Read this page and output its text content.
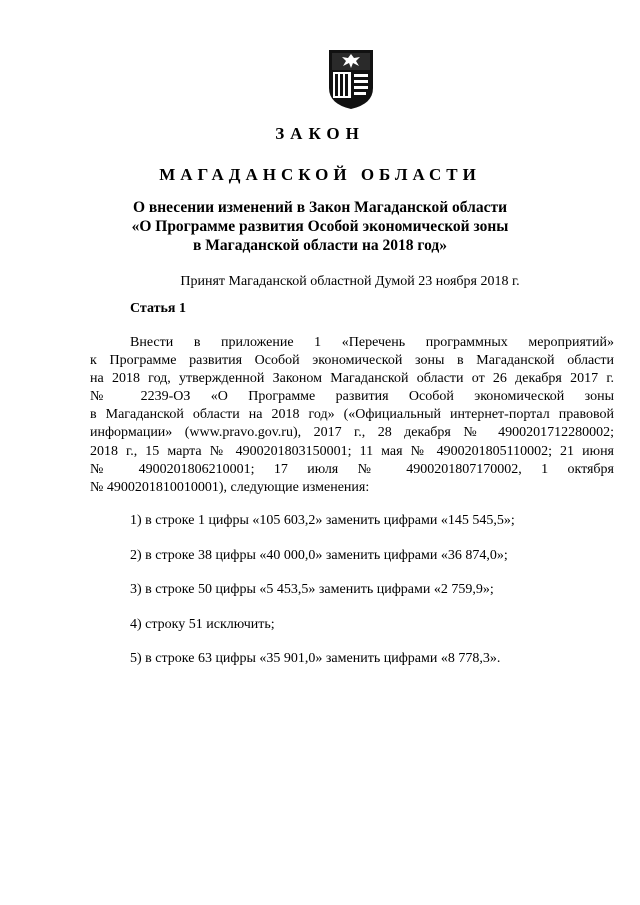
ЗАКОН
МАГАДАНСКОЙ ОБЛАСТИ
О внесении изменений в Закон Магаданской области
«О Программе развития Особой экономической зоны
в Магаданской области на 2018 год»
Принят Магаданской областной Думой 23 ноября 2018 г.
Статья 1
Внести в приложение 1 «Перечень программных мероприятий»
к Программе развития Особой экономической зоны в Магаданской области
на 2018 год, утвержденной Законом Магаданской области от 26 декабря 2017 г.
№ 2239-ОЗ «О Программе развития Особой экономической зоны
в Магаданской области на 2018 год» («Официальный интернет-портал правовой
информации» (www.pravo.gov.ru), 2017 г., 28 декабря № 4900201712280002;
2018 г., 15 марта № 4900201803150001; 11 мая № 4900201805110002; 21 июня
№ 4900201806210001; 17 июля № 4900201807170002, 1 октября
№ 4900201810010001), следующие изменения:
1) в строке 1 цифры «105 603,2» заменить цифрами «145 545,5»;
2) в строке 38 цифры «40 000,0» заменить цифрами «36 874,0»;
3) в строке 50 цифры «5 453,5» заменить цифрами «2 759,9»;
4) строку 51 исключить;
5) в строке 63 цифры «35 901,0» заменить цифрами «8 778,3».
